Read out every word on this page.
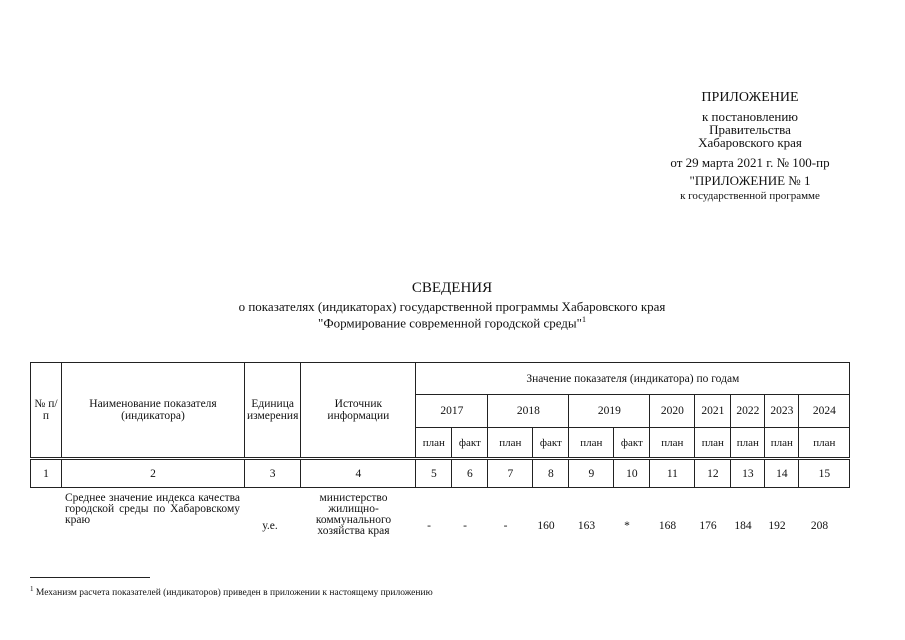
ПРИЛОЖЕНИЕ
к постановлению Правительства Хабаровского края
от 29 марта 2021 г. № 100-пр
"ПРИЛОЖЕНИЕ № 1
к государственной программе
СВЕДЕНИЯ
о показателях (индикаторах) государственной программы Хабаровского края "Формирование современной городской среды"$^1$
№ п/п	Наименование показателя (индикатора)	Единица измерения	Источник информации	Значение показателя (индикатора) по годам										
				2017		2018		2019		2020	2021	2022	2023	2024
				план	факт	план	факт	план	факт	план	план	план	план	план
1	2	3	4	5	6	7	8	9	10	11	12	13	14	15
	Среднее значение индекса качества городской среды по Хабаровскому краю	у.е.	министерство жилищно-коммунального хозяйства края	-	-	-	160	163	*	168	176	184	192	208
$^1$ Механизм расчета показателей (индикаторов) приведен в приложении к настоящему приложению
